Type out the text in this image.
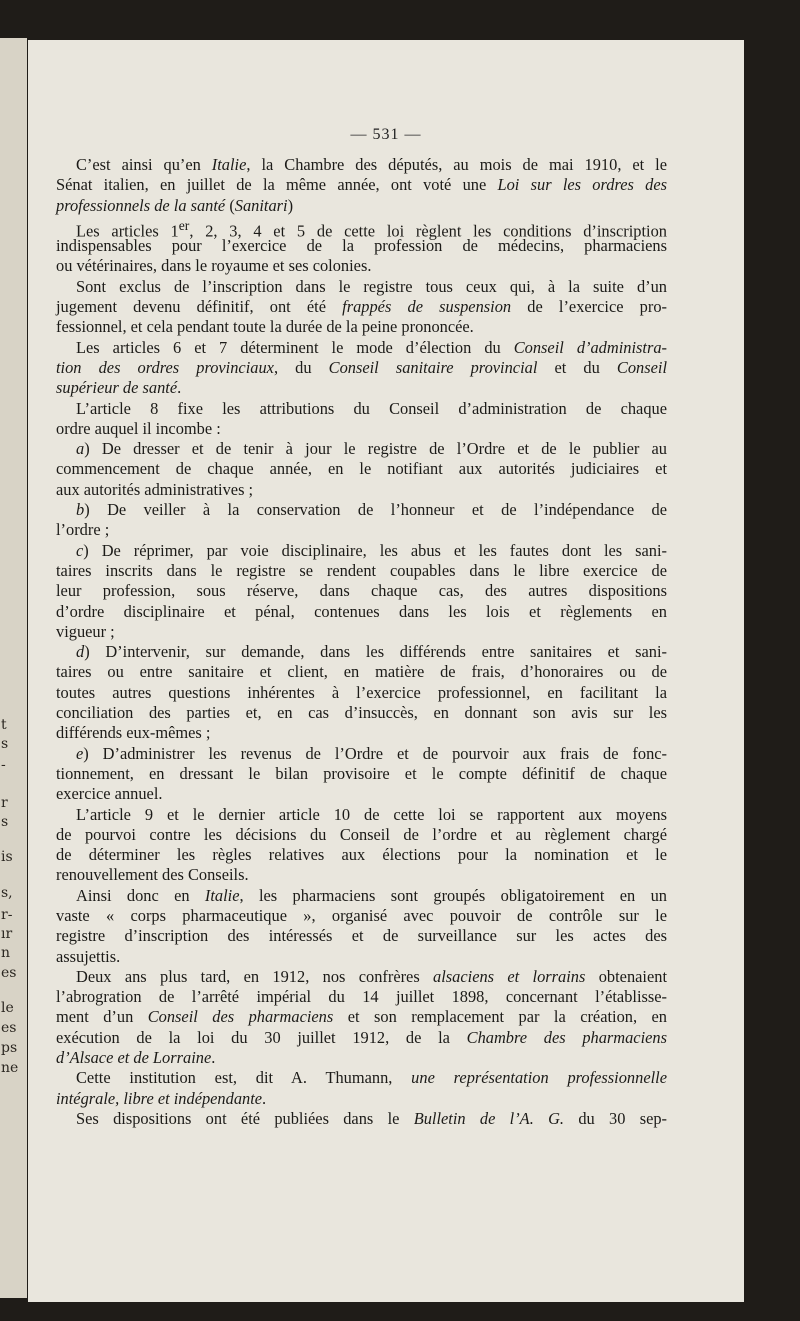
t
s
-
r
s
is
s,
r-
ır
n
es
le
es
ps
ne
— 531 —
C’est ainsi qu’en Italie, la Chambre des députés, au mois de mai 1910, et le
Sénat italien, en juillet de la même année, ont voté une Loi sur les ordres des
professionnels de la santé (Sanitari)
Les articles 1er, 2, 3, 4 et 5 de cette loi règlent les conditions d’inscription
indispensables pour l’exercice de la profession de médecins, pharmaciens
ou vétérinaires, dans le royaume et ses colonies.
Sont exclus de l’inscription dans le registre tous ceux qui, à la suite d’un
jugement devenu définitif, ont été frappés de suspension de l’exercice pro-
fessionnel, et cela pendant toute la durée de la peine prononcée.
Les articles 6 et 7 déterminent le mode d’élection du Conseil d’administra-
tion des ordres provinciaux, du Conseil sanitaire provincial et du Conseil
supérieur de santé.
L’article 8 fixe les attributions du Conseil d’administration de chaque
ordre auquel il incombe :
a) De dresser et de tenir à jour le registre de l’Ordre et de le publier au
commencement de chaque année, en le notifiant aux autorités judiciaires et
aux autorités administratives ;
b) De veiller à la conservation de l’honneur et de l’indépendance de
l’ordre ;
c) De réprimer, par voie disciplinaire, les abus et les fautes dont les sani-
taires inscrits dans le registre se rendent coupables dans le libre exercice de
leur profession, sous réserve, dans chaque cas, des autres dispositions
d’ordre disciplinaire et pénal, contenues dans les lois et règlements en
vigueur ;
d) D’intervenir, sur demande, dans les différends entre sanitaires et sani-
taires ou entre sanitaire et client, en matière de frais, d’honoraires ou de
toutes autres questions inhérentes à l’exercice professionnel, en facilitant la
conciliation des parties et, en cas d’insuccès, en donnant son avis sur les
différends eux-mêmes ;
e) D’administrer les revenus de l’Ordre et de pourvoir aux frais de fonc-
tionnement, en dressant le bilan provisoire et le compte définitif de chaque
exercice annuel.
L’article 9 et le dernier article 10 de cette loi se rapportent aux moyens
de pourvoi contre les décisions du Conseil de l’ordre et au règlement chargé
de déterminer les règles relatives aux élections pour la nomination et le
renouvellement des Conseils.
Ainsi donc en Italie, les pharmaciens sont groupés obligatoirement en un
vaste « corps pharmaceutique », organisé avec pouvoir de contrôle sur le
registre d’inscription des intéressés et de surveillance sur les actes des
assujettis.
Deux ans plus tard, en 1912, nos confrères alsaciens et lorrains obtenaient
l’abrogration de l’arrêté impérial du 14 juillet 1898, concernant l’établisse-
ment d’un Conseil des pharmaciens et son remplacement par la création, en
exécution de la loi du 30 juillet 1912, de la Chambre des pharmaciens
d’Alsace et de Lorraine.
Cette institution est, dit A. Thumann, une représentation professionnelle
intégrale, libre et indépendante.
Ses dispositions ont été publiées dans le Bulletin de l’A. G. du 30 sep-
